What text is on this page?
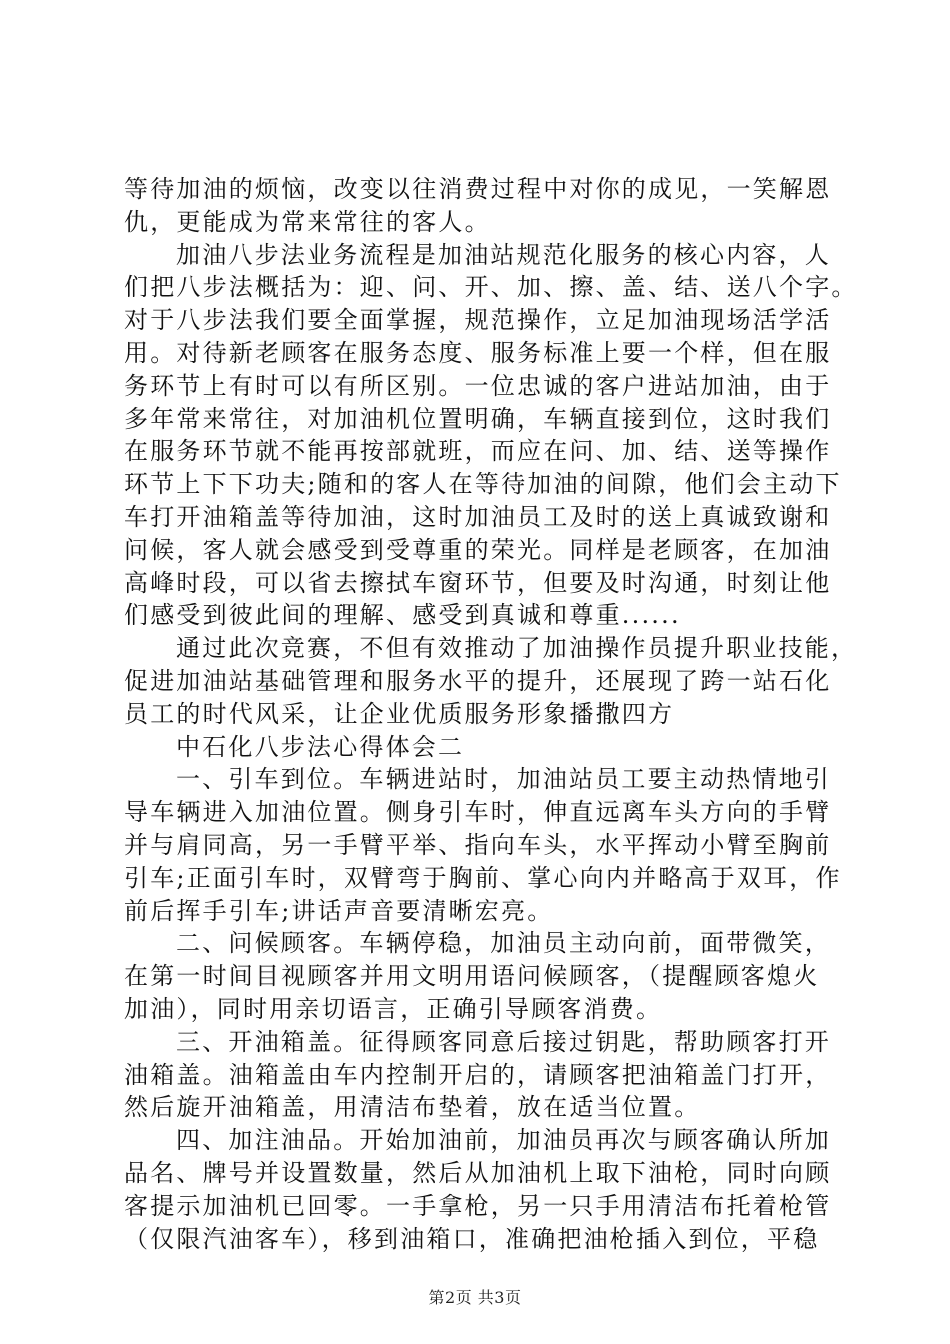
等待加油的烦恼，改变以往消费过程中对你的成见，一笑解恩
仇，更能成为常来常往的客人。
加油八步法业务流程是加油站规范化服务的核心内容，人
们把八步法概括为：迎、问、开、加、擦、盖、结、送八个字。
对于八步法我们要全面掌握，规范操作，立足加油现场活学活
用。对待新老顾客在服务态度、服务标准上要一个样，但在服
务环节上有时可以有所区别。一位忠诚的客户进站加油，由于
多年常来常往，对加油机位置明确，车辆直接到位，这时我们
在服务环节就不能再按部就班，而应在问、加、结、送等操作
环节上下下功夫;随和的客人在等待加油的间隙，他们会主动下
车打开油箱盖等待加油，这时加油员工及时的送上真诚致谢和
问候，客人就会感受到受尊重的荣光。同样是老顾客，在加油
高峰时段，可以省去擦拭车窗环节，但要及时沟通，时刻让他
们感受到彼此间的理解、感受到真诚和尊重......
通过此次竞赛，不但有效推动了加油操作员提升职业技能，
促进加油站基础管理和服务水平的提升，还展现了跨一站石化
员工的时代风采，让企业优质服务形象播撒四方
中石化八步法心得体会二
一、引车到位。车辆进站时，加油站员工要主动热情地引
导车辆进入加油位置。侧身引车时，伸直远离车头方向的手臂
并与肩同高，另一手臂平举、指向车头，水平挥动小臂至胸前
引车;正面引车时，双臂弯于胸前、掌心向内并略高于双耳，作
前后挥手引车;讲话声音要清晰宏亮。
二、问候顾客。车辆停稳，加油员主动向前，面带微笑，
在第一时间目视顾客并用文明用语问候顾客，（提醒顾客熄火
加油），同时用亲切语言，正确引导顾客消费。
三、开油箱盖。征得顾客同意后接过钥匙，帮助顾客打开
油箱盖。油箱盖由车内控制开启的，请顾客把油箱盖门打开，
然后旋开油箱盖，用清洁布垫着，放在适当位置。
四、加注油品。开始加油前，加油员再次与顾客确认所加
品名、牌号并设置数量，然后从加油机上取下油枪，同时向顾
客提示加油机已回零。一手拿枪，另一只手用清洁布托着枪管
（仅限汽油客车），移到油箱口，准确把油枪插入到位，平稳
第2页 共3页
